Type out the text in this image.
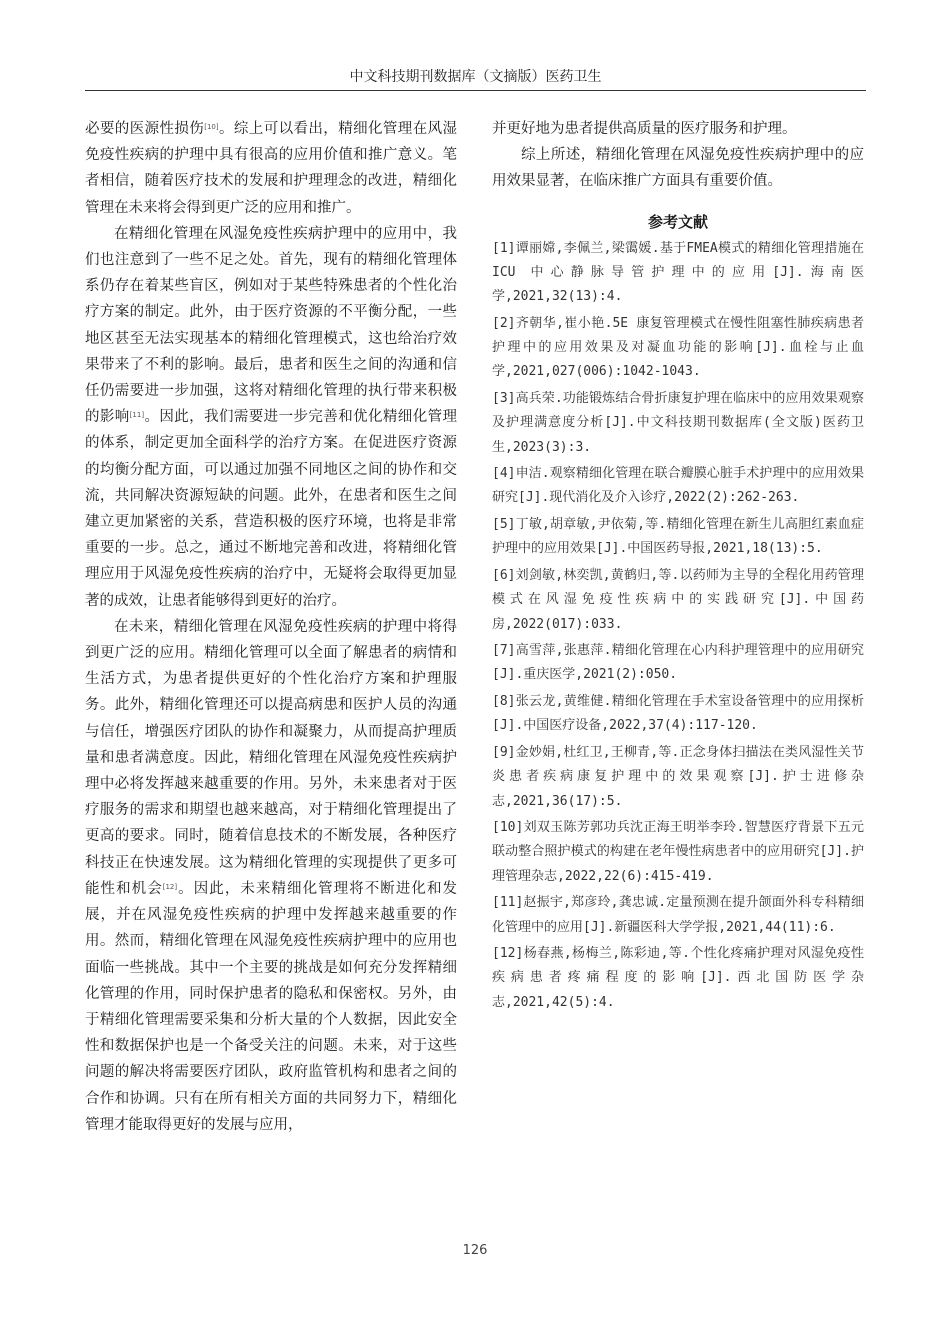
中文科技期刊数据库（文摘版）医药卫生

必要的医源性损伤[10]。综上可以看出，精细化管理在风湿免疫性疾病的护理中具有很高的应用价值和推广意义。笔者相信，随着医疗技术的发展和护理理念的改进，精细化管理在未来将会得到更广泛的应用和推广。

在精细化管理在风湿免疫性疾病护理中的应用中，我们也注意到了一些不足之处。首先，现有的精细化管理体系仍存在着某些盲区，例如对于某些特殊患者的个性化治疗方案的制定。此外，由于医疗资源的不平衡分配，一些地区甚至无法实现基本的精细化管理模式，这也给治疗效果带来了不利的影响。最后，患者和医生之间的沟通和信任仍需要进一步加强，这将对精细化管理的执行带来积极的影响[11]。因此，我们需要进一步完善和优化精细化管理的体系，制定更加全面科学的治疗方案。在促进医疗资源的均衡分配方面，可以通过加强不同地区之间的协作和交流，共同解决资源短缺的问题。此外，在患者和医生之间建立更加紧密的关系，营造积极的医疗环境，也将是非常重要的一步。总之，通过不断地完善和改进，将精细化管理应用于风湿免疫性疾病的治疗中，无疑将会取得更加显著的成效，让患者能够得到更好的治疗。

在未来，精细化管理在风湿免疫性疾病的护理中将得到更广泛的应用。精细化管理可以全面了解患者的病情和生活方式，为患者提供更好的个性化治疗方案和护理服务。此外，精细化管理还可以提高病患和医护人员的沟通与信任，增强医疗团队的协作和凝聚力，从而提高护理质量和患者满意度。因此，精细化管理在风湿免疫性疾病护理中必将发挥越来越重要的作用。另外，未来患者对于医疗服务的需求和期望也越来越高，对于精细化管理提出了更高的要求。同时，随着信息技术的不断发展，各种医疗科技正在快速发展。这为精细化管理的实现提供了更多可能性和机会[12]。因此，未来精细化管理将不断进化和发展，并在风湿免疫性疾病的护理中发挥越来越重要的作用。然而，精细化管理在风湿免疫性疾病护理中的应用也面临一些挑战。其中一个主要的挑战是如何充分发挥精细化管理的作用，同时保护患者的隐私和保密权。另外，由于精细化管理需要采集和分析大量的个人数据，因此安全性和数据保护也是一个备受关注的问题。未来，对于这些问题的解决将需要医疗团队，政府监管机构和患者之间的合作和协调。只有在所有相关方面的共同努力下，精细化管理才能取得更好的发展与应用，

并更好地为患者提供高质量的医疗服务和护理。

综上所述，精细化管理在风湿免疫性疾病护理中的应用效果显著，在临床推广方面具有重要价值。

参考文献
[1]谭丽嫦,李佩兰,梁霭媛.基于FMEA模式的精细化管理措施在 ICU 中心静脉导管护理中的应用[J].海南医学,2021,32(13):4.
[2]齐朝华,崔小艳.5E 康复管理模式在慢性阻塞性肺疾病患者护理中的应用效果及对凝血功能的影响[J].血栓与止血学,2021,027(006):1042-1043.
[3]高兵荣.功能锻炼结合骨折康复护理在临床中的应用效果观察及护理满意度分析[J].中文科技期刊数据库(全文版)医药卫生,2023(3):3.
[4]申洁.观察精细化管理在联合瓣膜心脏手术护理中的应用效果研究[J].现代消化及介入诊疗,2022(2):262-263.
[5]丁敏,胡章敏,尹依菊,等.精细化管理在新生儿高胆红素血症护理中的应用效果[J].中国医药导报,2021,18(13):5.
[6]刘剑敏,林奕凯,黄鹤归,等.以药师为主导的全程化用药管理模式在风湿免疫性疾病中的实践研究[J].中国药房,2022(017):033.
[7]高雪萍,张惠萍.精细化管理在心内科护理管理中的应用研究[J].重庆医学,2021(2):050.
[8]张云龙,黄维健.精细化管理在手术室设备管理中的应用探析[J].中国医疗设备,2022,37(4):117-120.
[9]金妙娟,杜红卫,王柳青,等.正念身体扫描法在类风湿性关节炎患者疾病康复护理中的效果观察[J].护士进修杂志,2021,36(17):5.
[10]刘双玉陈芳郭功兵沈正海王明举李玲.智慧医疗背景下五元联动整合照护模式的构建在老年慢性病患者中的应用研究[J].护理管理杂志,2022,22(6):415-419.
[11]赵振宇,郑彦玲,龚忠诚.定量预测在提升颌面外科专科精细化管理中的应用[J].新疆医科大学学报,2021,44(11):6.
[12]杨春燕,杨梅兰,陈彩迪,等.个性化疼痛护理对风湿免疫性疾病患者疼痛程度的影响[J].西北国防医学杂志,2021,42(5):4.
126
